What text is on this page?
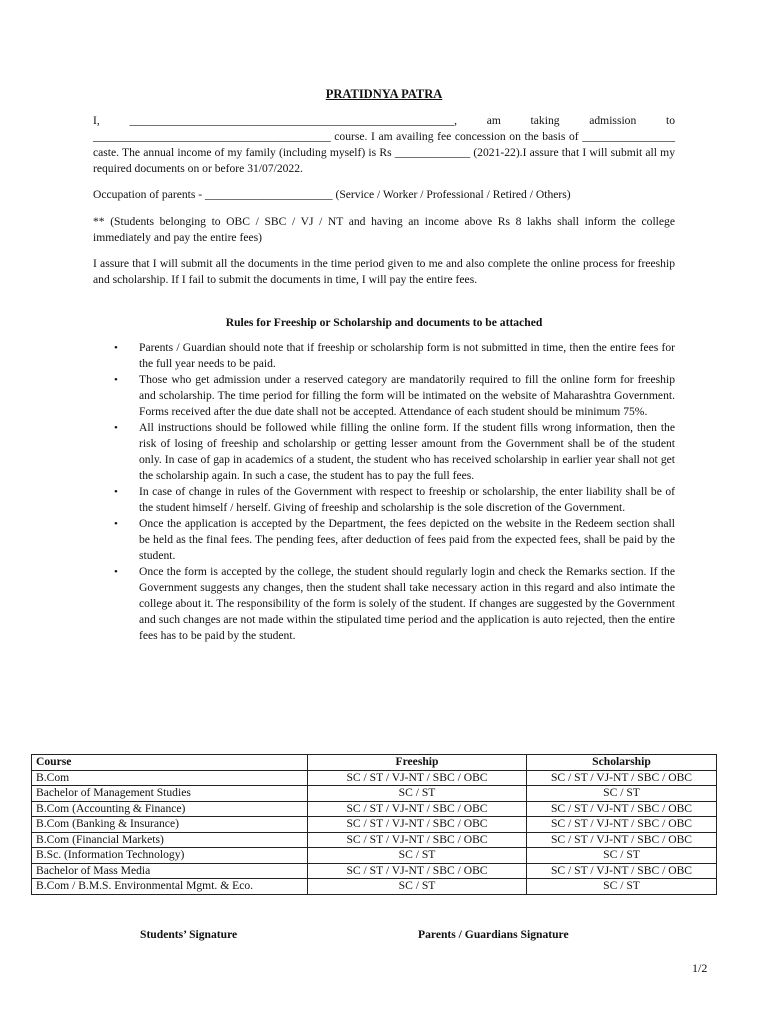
PRATIDNYA PATRA

I, ________________________________________________________, am taking admission to _________________________________________ course. I am availing fee concession on the basis of ________________ caste. The annual income of my family (including myself) is Rs _____________ (2021-22).I assure that I will submit all my required documents on or before 31/07/2022.

Occupation of parents - ______________________ (Service / Worker / Professional / Retired / Others)

** (Students belonging to OBC / SBC / VJ / NT and having an income above Rs 8 lakhs shall inform the college immediately and pay the entire fees)

I assure that I will submit all the documents in the time period given to me and also complete the online process for freeship and scholarship. If I fail to submit the documents in time, I will pay the entire fees.

Rules for Freeship or Scholarship and documents to be attached
• Parents / Guardian should note that if freeship or scholarship form is not submitted in time, then the entire fees for the full year needs to be paid.
• Those who get admission under a reserved category are mandatorily required to fill the online form for freeship and scholarship. The time period for filling the form will be intimated on the website of Maharashtra Government. Forms received after the due date shall not be accepted. Attendance of each student should be minimum 75%.
• All instructions should be followed while filling the online form. If the student fills wrong information, then the risk of losing of freeship and scholarship or getting lesser amount from the Government shall be of the student only. In case of gap in academics of a student, the student who has received scholarship in earlier year shall not get the scholarship again. In such a case, the student has to pay the full fees.
• In case of change in rules of the Government with respect to freeship or scholarship, the enter liability shall be of the student himself / herself. Giving of freeship and scholarship is the sole discretion of the Government.
• Once the application is accepted by the Department, the fees depicted on the website in the Redeem section shall be held as the final fees. The pending fees, after deduction of fees paid from the expected fees, shall be paid by the student.
• Once the form is accepted by the college, the student should regularly login and check the Remarks section. If the Government suggests any changes, then the student shall take necessary action in this regard and also intimate the college about it. The responsibility of the form is solely of the student. If changes are suggested by the Government and such changes are not made within the stipulated time period and the application is auto rejected, then the entire fees has to be paid by the student.
Course	Freeship	Scholarship
B.Com	SC / ST / VJ-NT / SBC / OBC	SC / ST / VJ-NT / SBC / OBC
Bachelor of Management Studies	SC / ST	SC / ST
B.Com (Accounting & Finance)	SC / ST / VJ-NT / SBC / OBC	SC / ST / VJ-NT / SBC / OBC
B.Com (Banking & Insurance)	SC / ST / VJ-NT / SBC / OBC	SC / ST / VJ-NT / SBC / OBC
B.Com (Financial Markets)	SC / ST / VJ-NT / SBC / OBC	SC / ST / VJ-NT / SBC / OBC
B.Sc. (Information Technology)	SC / ST	SC / ST
Bachelor of Mass Media	SC / ST / VJ-NT / SBC / OBC	SC / ST / VJ-NT / SBC / OBC
B.Com / B.M.S. Environmental Mgmt. & Eco.	SC / ST	SC / ST
Students’ Signature	Parents / Guardians Signature
1/2
